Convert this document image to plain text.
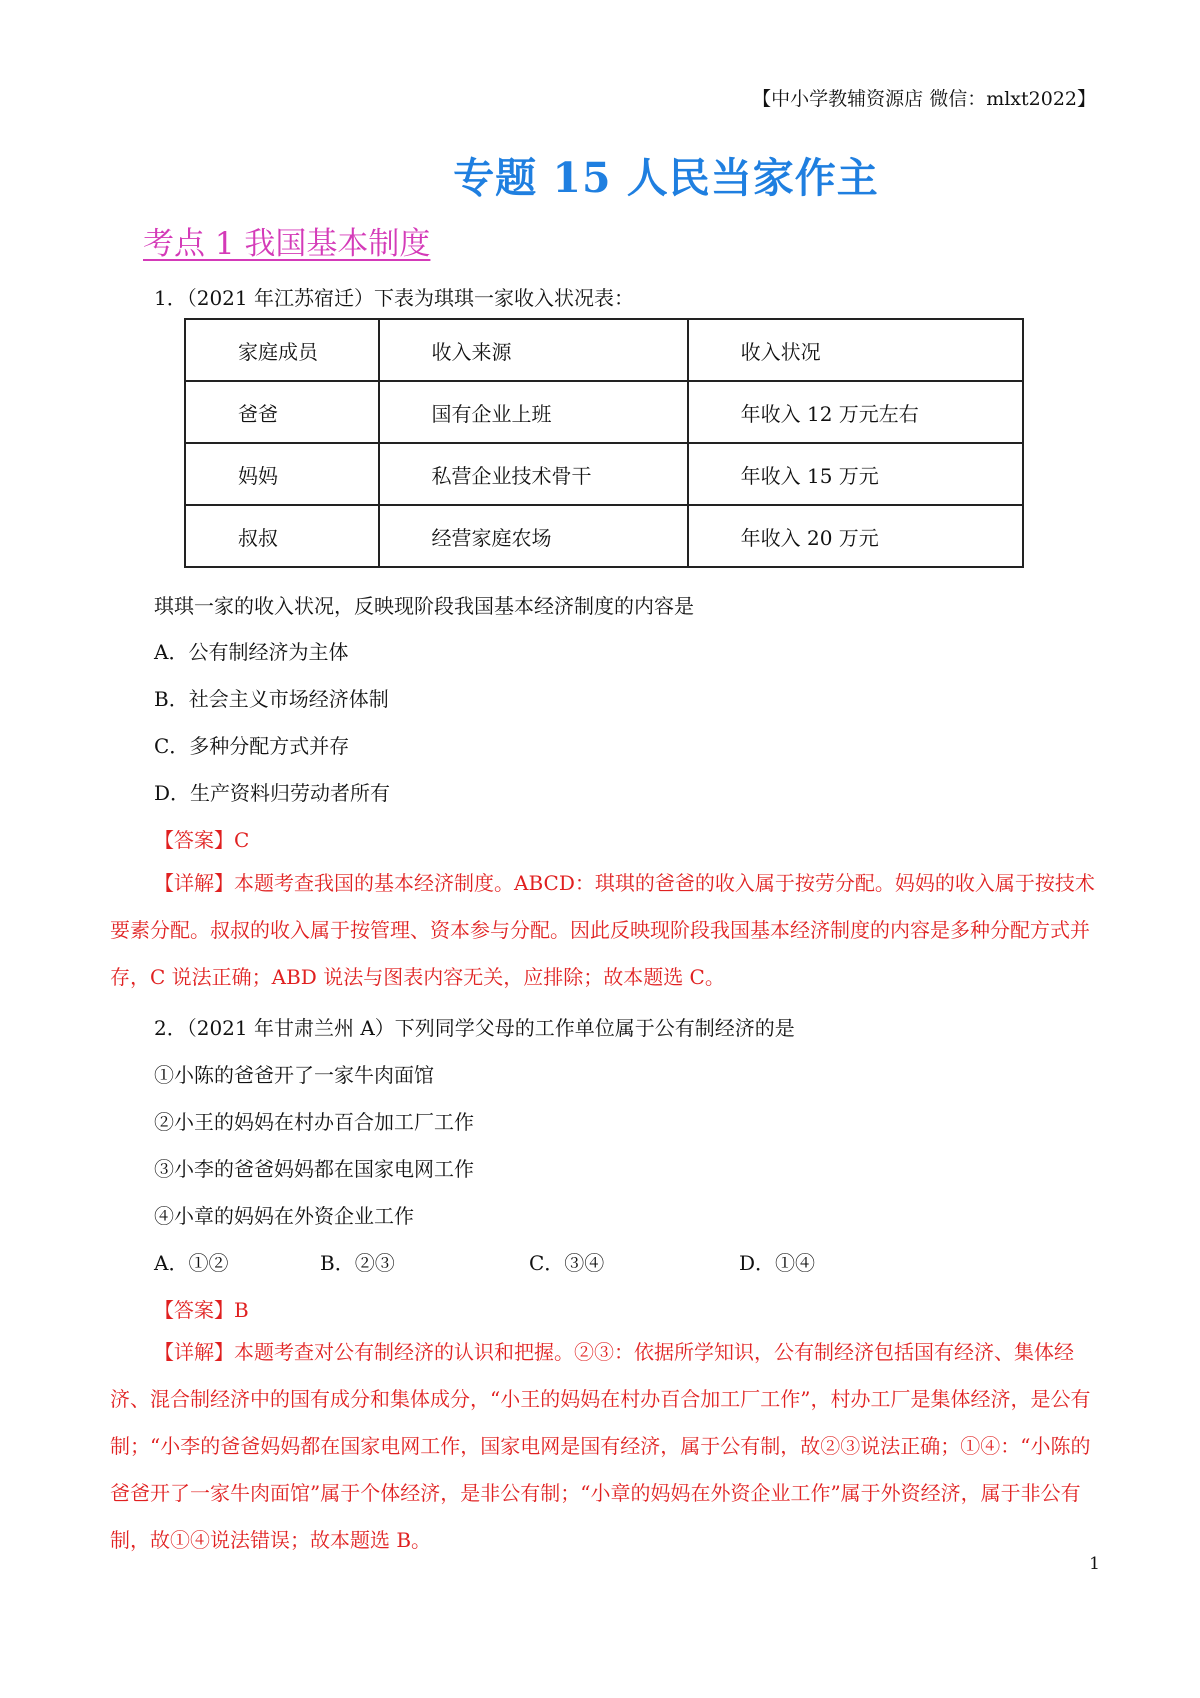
【中小学教辅资源店 微信：mlxt2022】
专题 15 人民当家作主
考点 1 我国基本制度
1．（2021 年江苏宿迁）下表为琪琪一家收入状况表：
家庭成员	收入来源	收入状况
爸爸	国有企业上班	年收入 12 万元左右
妈妈	私营企业技术骨干	年收入 15 万元
叔叔	经营家庭农场	年收入 20 万元
琪琪一家的收入状况，反映现阶段我国基本经济制度的内容是
A．公有制经济为主体
B．社会主义市场经济体制
C．多种分配方式并存
D．生产资料归劳动者所有
【答案】C
【详解】本题考查我国的基本经济制度。ABCD：琪琪的爸爸的收入属于按劳分配。妈妈的收入属于按技术要素分配。叔叔的收入属于按管理、资本参与分配。因此反映现阶段我国基本经济制度的内容是多种分配方式并存，C 说法正确；ABD 说法与图表内容无关，应排除；故本题选 C。
2．（2021 年甘肃兰州 A）下列同学父母的工作单位属于公有制经济的是
①小陈的爸爸开了一家牛肉面馆
②小王的妈妈在村办百合加工厂工作
③小李的爸爸妈妈都在国家电网工作
④小章的妈妈在外资企业工作
A．①②	B．②③	C．③④	D．①④
【答案】B
【详解】本题考查对公有制经济的认识和把握。②③：依据所学知识，公有制经济包括国有经济、集体经济、混合制经济中的国有成分和集体成分，“小王的妈妈在村办百合加工厂工作”，村办工厂是集体经济，是公有制；“小李的爸爸妈妈都在国家电网工作，国家电网是国有经济，属于公有制，故②③说法正确；①④：“小陈的爸爸开了一家牛肉面馆”属于个体经济，是非公有制；“小章的妈妈在外资企业工作”属于外资经济，属于非公有制，故①④说法错误；故本题选 B。
1
